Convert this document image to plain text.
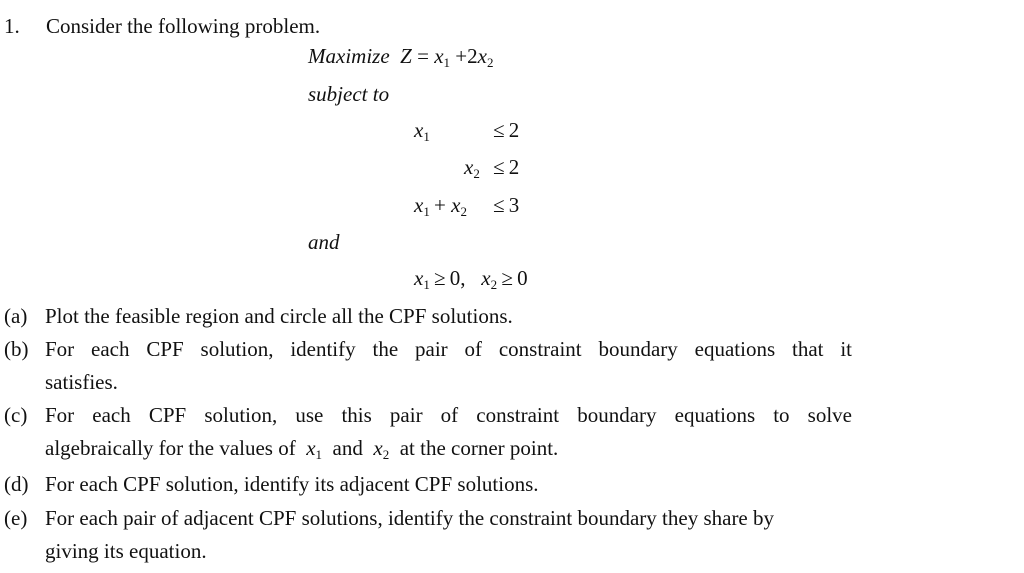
1. Consider the following problem.
Maximize $Z = x_1 +2x_2$
subject to
$x_1$	≤  2
$x_2 \le 2$
$x_1 + x_2 \le 3$
and
$x_1 \ge 0$, $x_2 \ge 0$
(a) Plot the feasible region and circle all the CPF solutions.
(b) For each CPF solution, identify the pair of constraint boundary equations that it
satisfies.
(c) For each CPF solution, use this pair of constraint boundary equations to solve
algebraically for the values of $x_1$ and $x_2$ at the corner point.
(d) For each CPF solution, identify its adjacent CPF solutions.
(e) For each pair of adjacent CPF solutions, identify the constraint boundary they share by
giving its equation.
